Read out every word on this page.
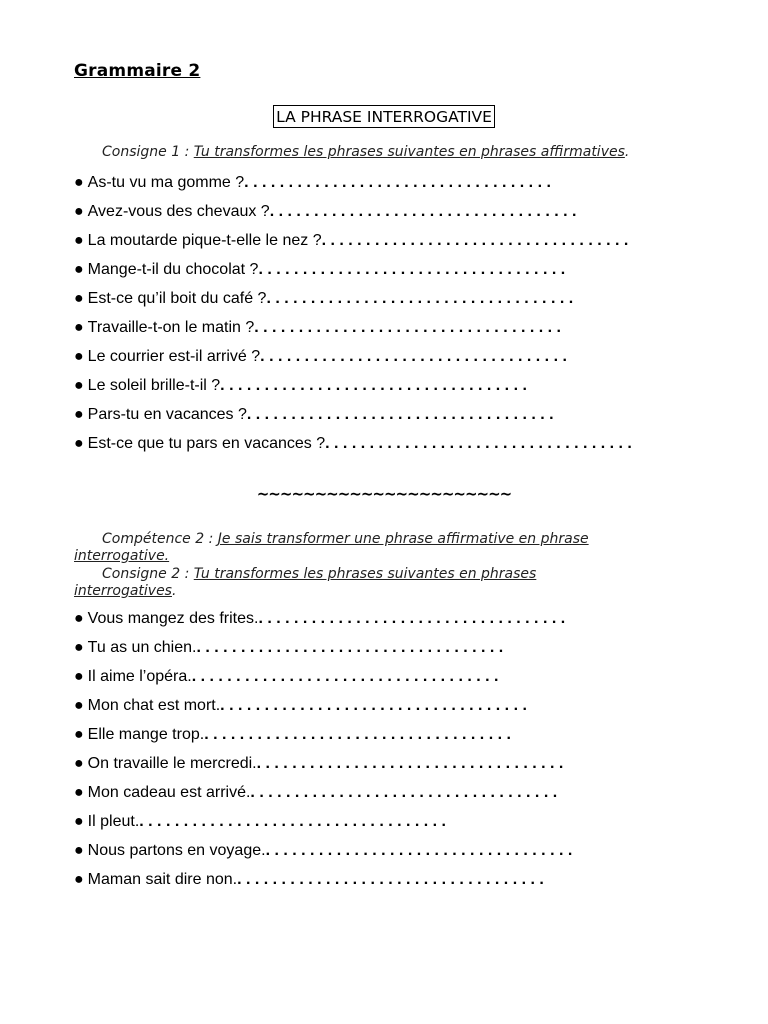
Grammaire 2
LA PHRASE INTERROGATIVE
Consigne 1 : Tu transformes les phrases suivantes en phrases affirmatives.
● As-tu vu ma gomme ? . . . . . . . . . . . . . . . . . . . . . . . . . . . . . . . . . . .
● Avez-vous des chevaux ? . . . . . . . . . . . . . . . . . . . . . . . . . . . . . . . . . . .
● La moutarde pique-t-elle le nez ? . . . . . . . . . . . . . . . . . . . . . . . . . . . . . . . . . . .
● Mange-t-il du chocolat ? . . . . . . . . . . . . . . . . . . . . . . . . . . . . . . . . . . .
● Est-ce qu’il boit du café ? . . . . . . . . . . . . . . . . . . . . . . . . . . . . . . . . . . .
● Travaille-t-on le matin ? . . . . . . . . . . . . . . . . . . . . . . . . . . . . . . . . . . .
● Le courrier est-il arrivé ? . . . . . . . . . . . . . . . . . . . . . . . . . . . . . . . . . . .
● Le soleil brille-t-il ? . . . . . . . . . . . . . . . . . . . . . . . . . . . . . . . . . . .
● Pars-tu en vacances ? . . . . . . . . . . . . . . . . . . . . . . . . . . . . . . . . . . .
● Est-ce que tu pars en vacances ? . . . . . . . . . . . . . . . . . . . . . . . . . . . . . . . . . . .
~~~~~~~~~~~~~~~~~~~~~~
Compétence 2 : Je sais transformer une phrase affirmative en phrase
interrogative.
Consigne 2 : Tu transformes les phrases suivantes en phrases
interrogatives.
● Vous mangez des frites. . . . . . . . . . . . . . . . . . . . . . . . . . . . . . . . . . . .
● Tu as un chien. . . . . . . . . . . . . . . . . . . . . . . . . . . . . . . . . . . .
● Il aime l’opéra. . . . . . . . . . . . . . . . . . . . . . . . . . . . . . . . . . . .
● Mon chat est mort. . . . . . . . . . . . . . . . . . . . . . . . . . . . . . . . . . . .
● Elle mange trop. . . . . . . . . . . . . . . . . . . . . . . . . . . . . . . . . . . .
● On travaille le mercredi. . . . . . . . . . . . . . . . . . . . . . . . . . . . . . . . . . . .
● Mon cadeau est arrivé. . . . . . . . . . . . . . . . . . . . . . . . . . . . . . . . . . . .
● Il pleut. . . . . . . . . . . . . . . . . . . . . . . . . . . . . . . . . . . .
● Nous partons en voyage. . . . . . . . . . . . . . . . . . . . . . . . . . . . . . . . . . . .
● Maman sait dire non. . . . . . . . . . . . . . . . . . . . . . . . . . . . . . . . . . . .
